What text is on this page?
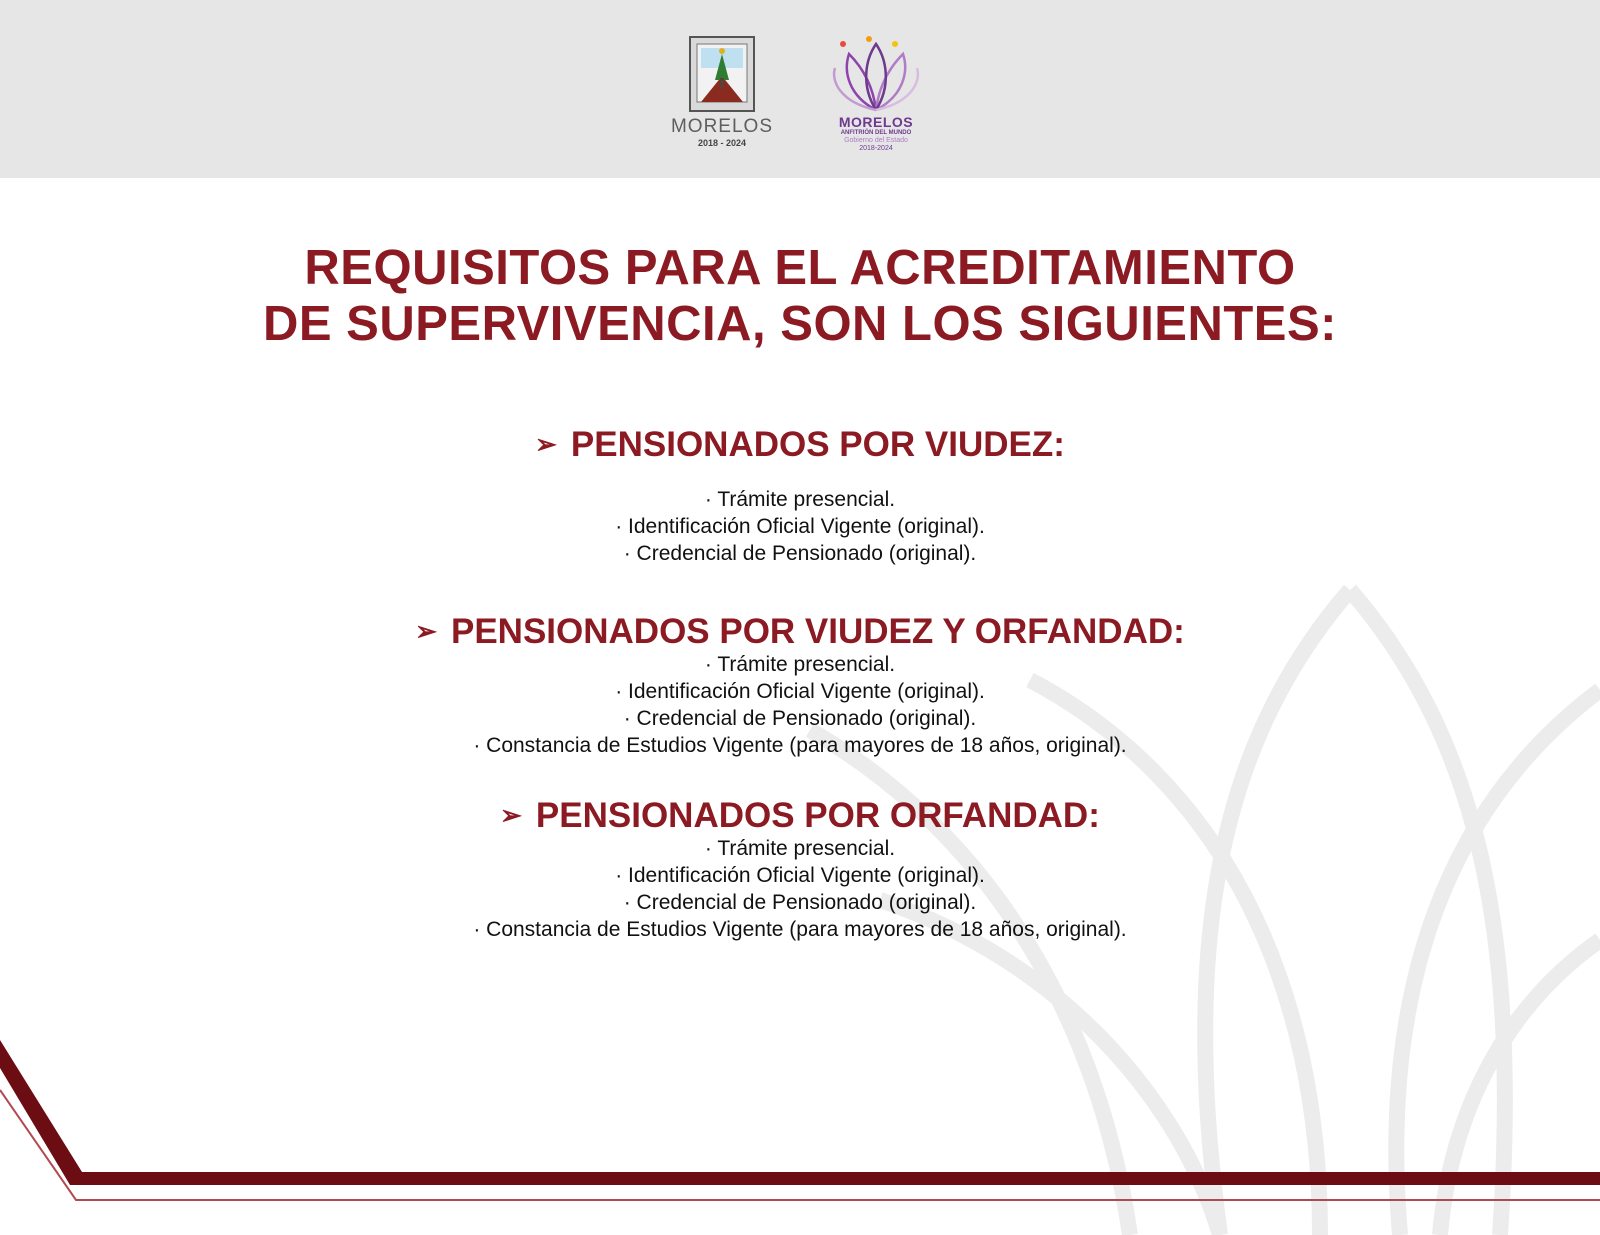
MORELOS
2018 - 2024
MORELOS
ANFITRIÓN DEL MUNDO
Gobierno del Estado
2018-2024
REQUISITOS PARA EL ACREDITAMIENTO
DE SUPERVIVENCIA, SON LOS SIGUIENTES:
➢ PENSIONADOS POR VIUDEZ:
· Trámite presencial.
· Identificación Oficial Vigente (original).
· Credencial de Pensionado (original).
➢ PENSIONADOS POR VIUDEZ Y ORFANDAD:
· Trámite presencial.
· Identificación Oficial Vigente (original).
· Credencial de Pensionado (original).
· Constancia de Estudios Vigente (para mayores de 18 años, original).
➢ PENSIONADOS POR ORFANDAD:
· Trámite presencial.
· Identificación Oficial Vigente (original).
· Credencial de Pensionado (original).
· Constancia de Estudios Vigente (para mayores de 18 años, original).
